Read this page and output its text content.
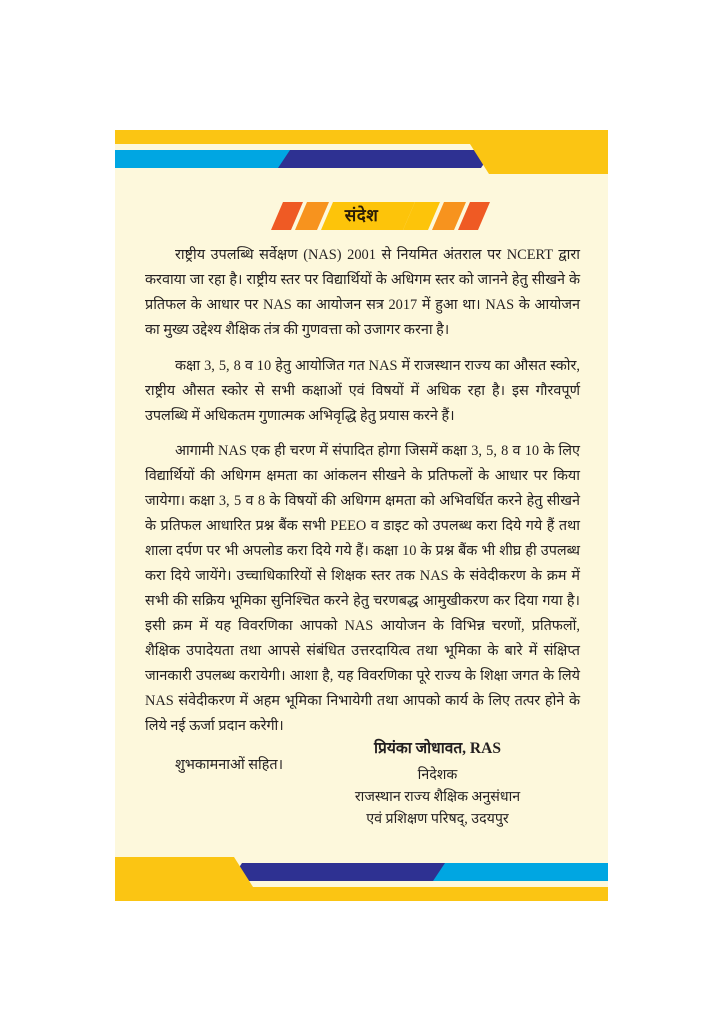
संदेश

राष्ट्रीय उपलब्धि सर्वेक्षण (NAS) 2001 से नियमित अंतराल पर NCERT द्वारा करवाया जा रहा है। राष्ट्रीय स्तर पर विद्यार्थियों के अधिगम स्तर को जानने हेतु सीखने के प्रतिफल के आधार पर NAS का आयोजन सत्र 2017 में हुआ था। NAS के आयोजन का मुख्य उद्देश्य शैक्षिक तंत्र की गुणवत्ता को उजागर करना है।

कक्षा 3, 5, 8 व 10 हेतु आयोजित गत NAS में राजस्थान राज्य का औसत स्कोर, राष्ट्रीय औसत स्कोर से सभी कक्षाओं एवं विषयों में अधिक रहा है। इस गौरवपूर्ण उपलब्धि में अधिकतम गुणात्मक अभिवृद्धि हेतु प्रयास करने हैं।

आगामी NAS एक ही चरण में संपादित होगा जिसमें कक्षा 3, 5, 8 व 10 के लिए विद्यार्थियों की अधिगम क्षमता का आंकलन सीखने के प्रतिफलों के आधार पर किया जायेगा। कक्षा 3, 5 व 8 के विषयों की अधिगम क्षमता को अभिवर्धित करने हेतु सीखने के प्रतिफल आधारित प्रश्न बैंक सभी PEEO व डाइट को उपलब्ध करा दिये गये हैं तथा शाला दर्पण पर भी अपलोड करा दिये गये हैं। कक्षा 10 के प्रश्न बैंक भी शीघ्र ही उपलब्ध करा दिये जायेंगे। उच्चाधिकारियों से शिक्षक स्तर तक NAS के संवेदीकरण के क्रम में सभी की सक्रिय भूमिका सुनिश्चित करने हेतु चरणबद्ध आमुखीकरण कर दिया गया है। इसी क्रम में यह विवरणिका आपको NAS आयोजन के विभिन्न चरणों, प्रतिफलों, शैक्षिक उपादेयता तथा आपसे संबंधित उत्तरदायित्व तथा भूमिका के बारे में संक्षिप्त जानकारी उपलब्ध करायेगी। आशा है, यह विवरणिका पूरे राज्य के शिक्षा जगत के लिये NAS संवेदीकरण में अहम भूमिका निभायेगी तथा आपको कार्य के लिए तत्पर होने के लिये नई ऊर्जा प्रदान करेगी।

शुभकामनाओं सहित।

प्रियंका जोधावत, RAS
निदेशक
राजस्थान राज्य शैक्षिक अनुसंधान
एवं प्रशिक्षण परिषद्, उदयपुर
